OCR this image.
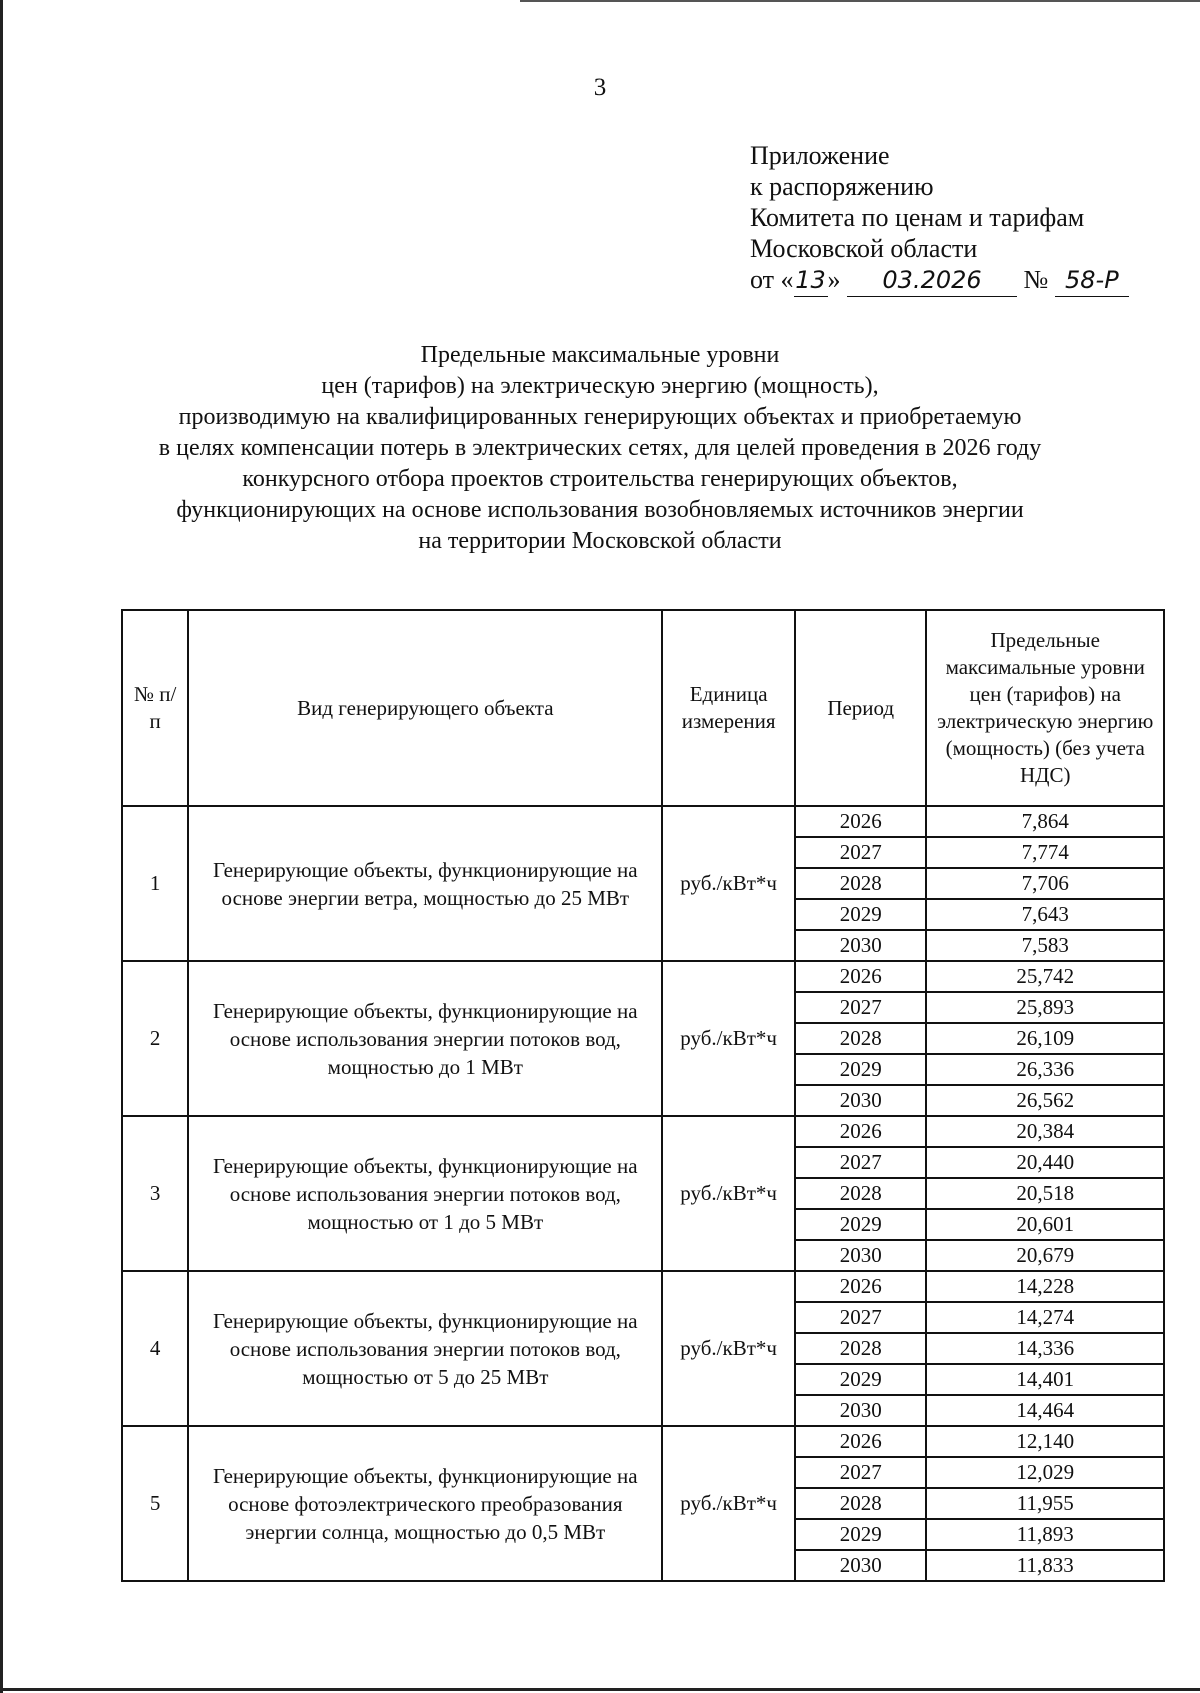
3
Приложение
к распоряжению
Комитета по ценам и тарифам
Московской области
от «13» 03.2026 № 58-Р
Предельные максимальные уровни
цен (тарифов) на электрическую энергию (мощность),
производимую на квалифицированных генерирующих объектах и приобретаемую
в целях компенсации потерь в электрических сетях, для целей проведения в 2026 году
конкурсного отбора проектов строительства генерирующих объектов,
функционирующих на основе использования возобновляемых источников энергии
на территории Московской области
№ п/п	Вид генерирующего объекта	Единица измерения	Период	Предельные максимальные уровни цен (тарифов) на электрическую энергию (мощность) (без учета НДС)
1	Генерирующие объекты, функционирующие на основе энергии ветра, мощностью до 25 МВт	руб./кВт*ч	2026	7,864
			2027	7,774
			2028	7,706
			2029	7,643
			2030	7,583
2	Генерирующие объекты, функционирующие на основе использования энергии потоков вод, мощностью до 1 МВт	руб./кВт*ч	2026	25,742
			2027	25,893
			2028	26,109
			2029	26,336
			2030	26,562
3	Генерирующие объекты, функционирующие на основе использования энергии потоков вод, мощностью от 1 до 5 МВт	руб./кВт*ч	2026	20,384
			2027	20,440
			2028	20,518
			2029	20,601
			2030	20,679
4	Генерирующие объекты, функционирующие на основе использования энергии потоков вод, мощностью от 5 до 25 МВт	руб./кВт*ч	2026	14,228
			2027	14,274
			2028	14,336
			2029	14,401
			2030	14,464
5	Генерирующие объекты, функционирующие на основе фотоэлектрического преобразования энергии солнца, мощностью до 0,5 МВт	руб./кВт*ч	2026	12,140
			2027	12,029
			2028	11,955
			2029	11,893
			2030	11,833
